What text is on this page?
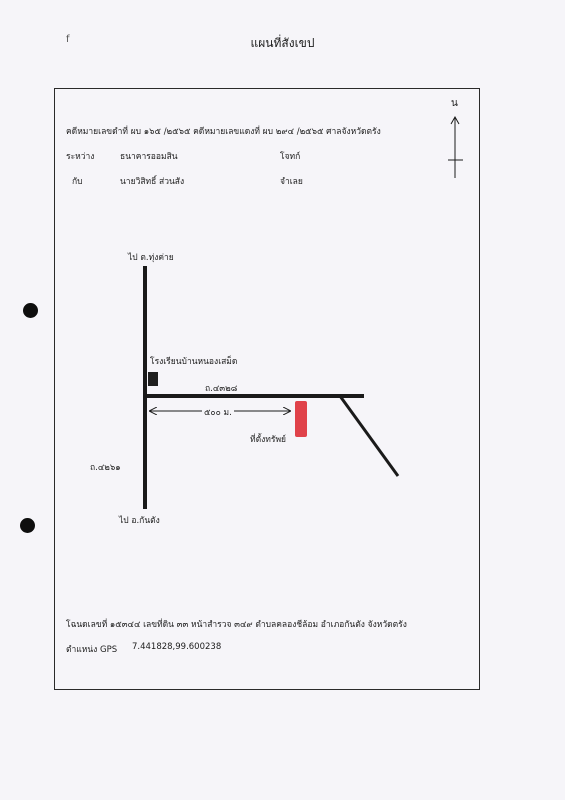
f	แผนที่สังเขป
คดีหมายเลขดำที่ ผบ ๑๖๕ /๒๕๖๕ คดีหมายเลขแดงที่ ผบ ๒๙๔ /๒๕๖๕ ศาลจังหวัดตรัง
ระหว่าง	ธนาคารออมสิน	โจทก์
กับ	นายวิสิทธิ์ ส่วนสัง	จำเลย
ไป ต.ทุ่งค่าย
โรงเรียนบ้านหนองเสม็ด
ถ.๔๓๒๘
๕๐๐ ม.
ที่ตั้งทรัพย์
ถ.๔๒๖๑
ไป อ.กันตัง
น
โฉนดเลขที่ ๑๕๓๔๔ เลขที่ดิน ๓๓ หน้าสำรวจ ๓๔๙ ตำบลคลองชีล้อม อำเภอกันตัง จังหวัดตรัง
ตำแหน่ง GPS 7.441828,99.600238
